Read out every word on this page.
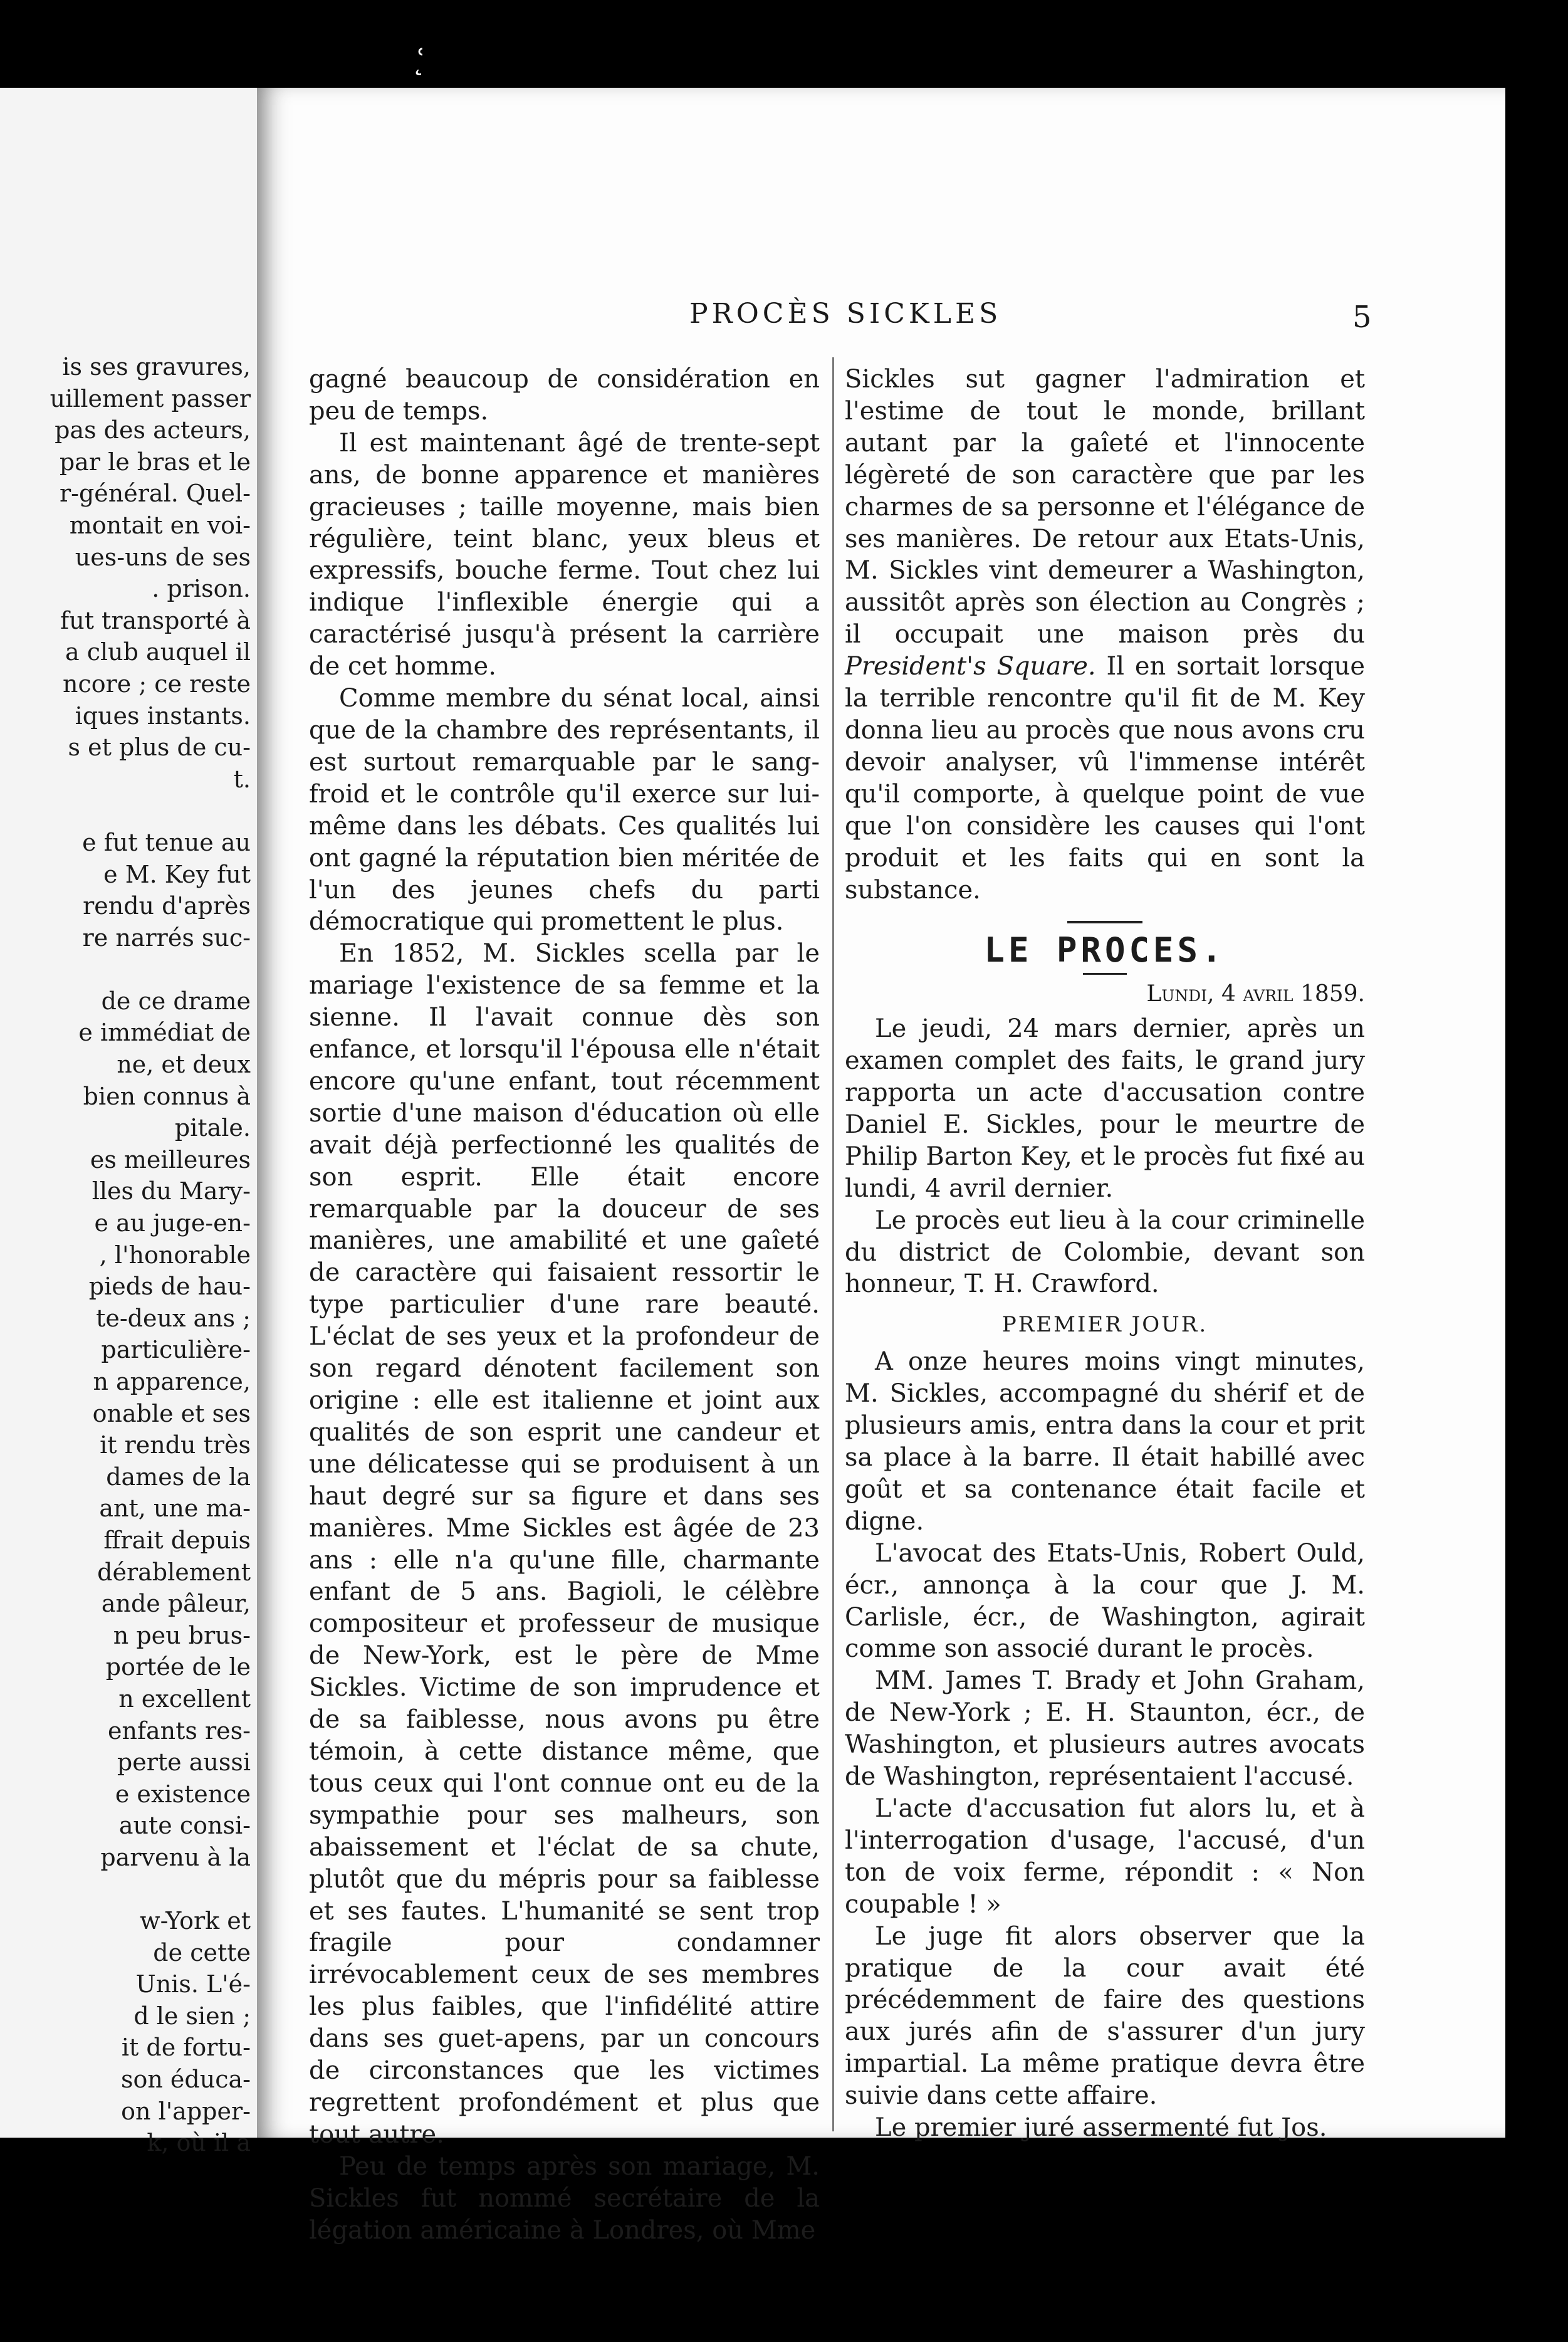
ʿ̨
is ses gravures,
uillement passer
pas des acteurs,
par le bras et le
r-général. Quel-
montait en voi-
ues-uns de ses
. prison.
fut transporté à
a club auquel il
ncore ; ce reste
iques instants.
s et plus de cu-
t.
e fut tenue au
e M. Key fut
rendu d'après
re narrés suc-
de ce drame
e immédiat de
ne, et deux
bien connus à
pitale.
es meilleures
lles du Mary-
e au juge-en-
, l'honorable
pieds de hau-
te-deux ans ;
particulière-
n apparence,
onable et ses
it rendu très
dames de la
ant, une ma-
ffrait depuis
dérablement
ande pâleur,
n peu brus-
portée de le
n excellent
enfants res-
perte aussi
e existence
aute consi-
parvenu à la
w-York et
de cette
Unis. L'é-
d le sien ;
it de fortu-
son éduca-
on l'apper-
k, où il a
PROCÈS SICKLES	5

gagné beaucoup de considération en peu de temps.

Il est maintenant âgé de trente-sept ans, de bonne apparence et manières gracieuses ; taille moyenne, mais bien régulière, teint blanc, yeux bleus et expressifs, bouche ferme. Tout chez lui indique l'inflexible énergie qui a caractérisé jusqu'à présent la carrière de cet homme.

Comme membre du sénat local, ainsi que de la chambre des représentants, il est surtout remarquable par le sang-froid et le contrôle qu'il exerce sur lui-même dans les débats. Ces qualités lui ont gagné la réputation bien méritée de l'un des jeunes chefs du parti démocratique qui promettent le plus.

En 1852, M. Sickles scella par le mariage l'existence de sa femme et la sienne. Il l'avait connue dès son enfance, et lorsqu'il l'épousa elle n'était encore qu'une enfant, tout récemment sortie d'une maison d'éducation où elle avait déjà perfectionné les qualités de son esprit. Elle était encore remarquable par la douceur de ses manières, une amabilité et une gaîeté de caractère qui faisaient ressortir le type particulier d'une rare beauté. L'éclat de ses yeux et la profondeur de son regard dénotent facilement son origine : elle est italienne et joint aux qualités de son esprit une candeur et une délicatesse qui se produisent à un haut degré sur sa figure et dans ses manières. Mme Sickles est âgée de 23 ans : elle n'a qu'une fille, charmante enfant de 5 ans. Bagioli, le célèbre compositeur et professeur de musique de New-York, est le père de Mme Sickles. Victime de son imprudence et de sa faiblesse, nous avons pu être témoin, à cette distance même, que tous ceux qui l'ont connue ont eu de la sympathie pour ses malheurs, son abaissement et l'éclat de sa chute, plutôt que du mépris pour sa faiblesse et ses fautes. L'humanité se sent trop fragile pour condamner irrévocablement ceux de ses membres les plus faibles, que l'infidélité attire dans ses guet-apens, par un concours de circonstances que les victimes regrettent profondément et plus que tout autre.

Peu de temps après son mariage, M. Sickles fut nommé secrétaire de la légation américaine à Londres, où Mme

Sickles sut gagner l'admiration et l'estime de tout le monde, brillant autant par la gaîeté et l'innocente légèreté de son caractère que par les charmes de sa personne et l'élégance de ses manières. De retour aux Etats-Unis, M. Sickles vint demeurer a Washington, aussitôt après son élection au Congrès ; il occupait une maison près du President's Square. Il en sortait lorsque la terrible rencontre qu'il fit de M. Key donna lieu au procès que nous avons cru devoir analyser, vû l'immense intérêt qu'il comporte, à quelque point de vue que l'on considère les causes qui l'ont produit et les faits qui en sont la substance.

LE PROCES.
Lundi, 4 avril 1859.

Le jeudi, 24 mars dernier, après un examen complet des faits, le grand jury rapporta un acte d'accusation contre Daniel E. Sickles, pour le meurtre de Philip Barton Key, et le procès fut fixé au lundi, 4 avril dernier.

Le procès eut lieu à la cour criminelle du district de Colombie, devant son honneur, T. H. Crawford.

PREMIER JOUR.

A onze heures moins vingt minutes, M. Sickles, accompagné du shérif et de plusieurs amis, entra dans la cour et prit sa place à la barre. Il était habillé avec goût et sa contenance était facile et digne.

L'avocat des Etats-Unis, Robert Ould, écr., annonça à la cour que J. M. Carlisle, écr., de Washington, agirait comme son associé durant le procès.

MM. James T. Brady et John Graham, de New-York ; E. H. Staunton, écr., de Washington, et plusieurs autres avocats de Washington, représentaient l'accusé.

L'acte d'accusation fut alors lu, et à l'interrogation d'usage, l'accusé, d'un ton de voix ferme, répondit : « Non coupable ! »

Le juge fit alors observer que la pratique de la cour avait été précédemment de faire des questions aux jurés afin de s'assurer d'un jury impartial. La même pratique devra être suivie dans cette affaire.

Le premier juré assermenté fut Jos.
